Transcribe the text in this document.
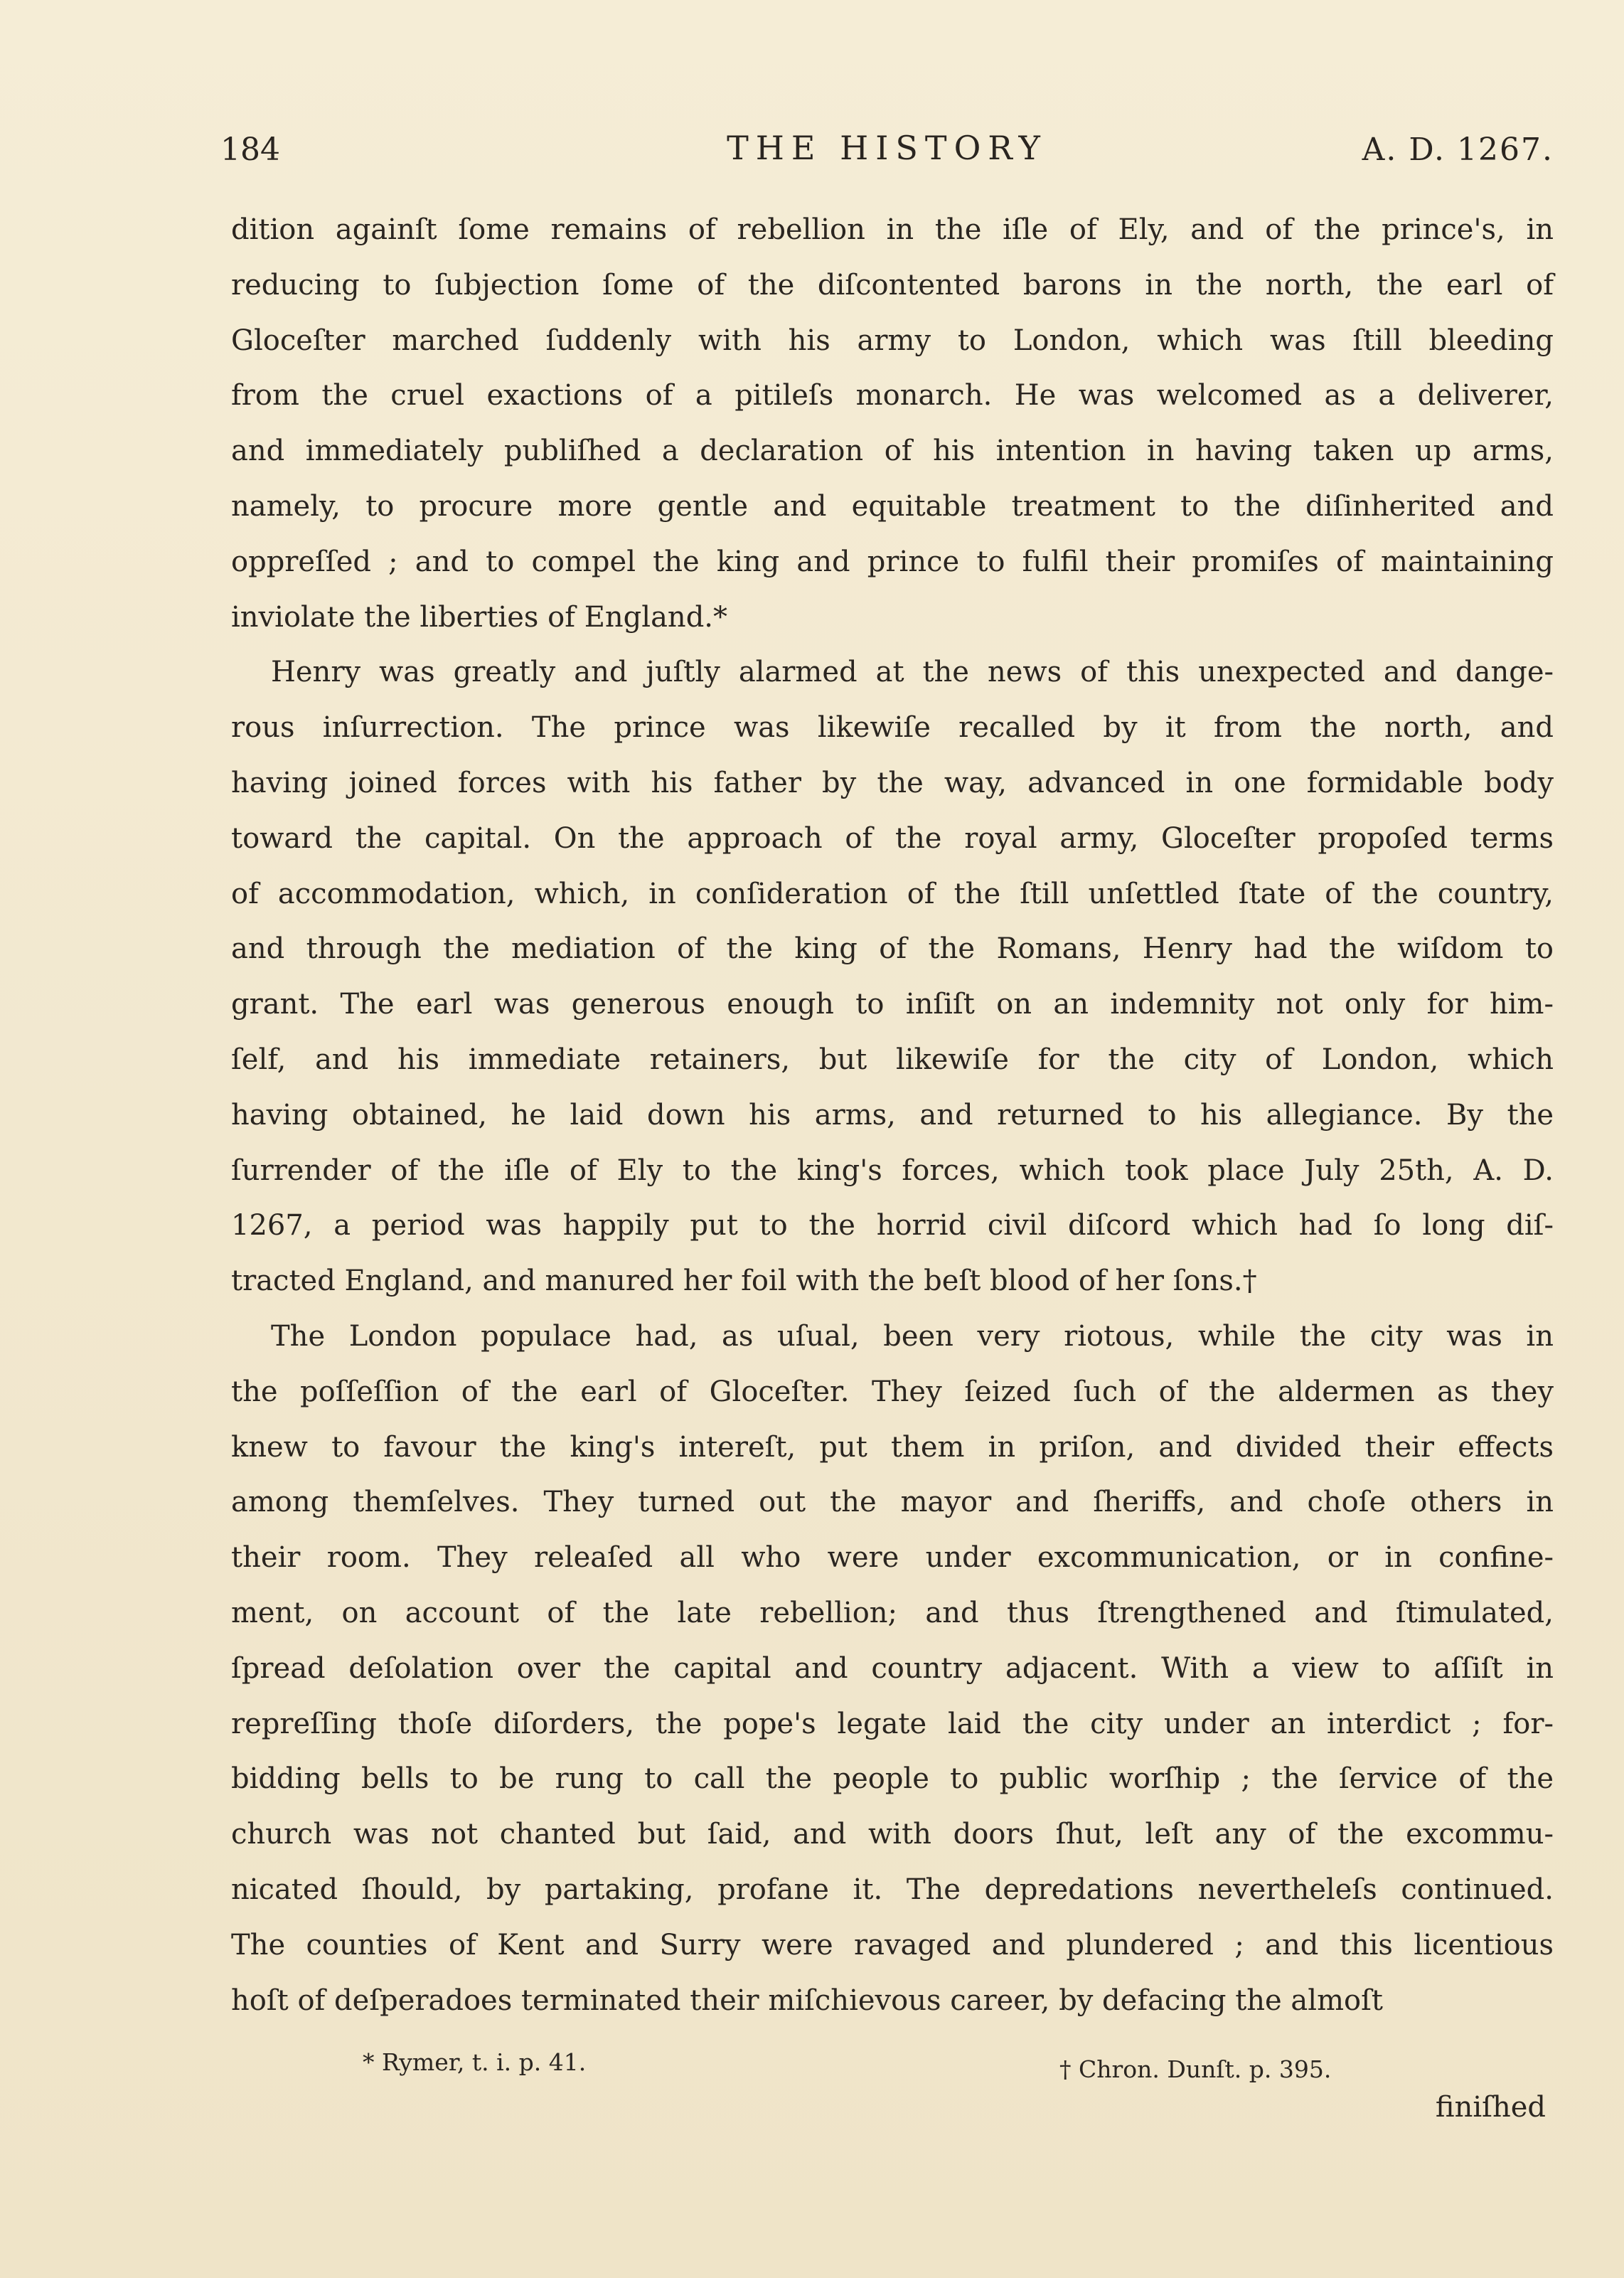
184	THE HISTORY	A. D. 1267.
dition againſt ſome remains of rebellion in the iſle of Ely, and of the prince's, in
reducing to ſubjection ſome of the diſcontented barons in the north, the earl of
Gloceſter marched ſuddenly with his army to London, which was ſtill bleeding
from the cruel exactions of a pitileſs monarch. He was welcomed as a deliverer,
and immediately publiſhed a declaration of his intention in having taken up arms,
namely, to procure more gentle and equitable treatment to the diſinherited and
oppreſſed ; and to compel the king and prince to fulfil their promiſes of maintaining
inviolate the liberties of England.*
Henry was greatly and juſtly alarmed at the news of this unexpected and dange-
rous inſurrection. The prince was likewiſe recalled by it from the north, and
having joined forces with his father by the way, advanced in one formidable body
toward the capital. On the approach of the royal army, Gloceſter propoſed terms
of accommodation, which, in conſideration of the ſtill unſettled ſtate of the country,
and through the mediation of the king of the Romans, Henry had the wiſdom to
grant. The earl was generous enough to inſiſt on an indemnity not only for him-
ſelf, and his immediate retainers, but likewiſe for the city of London, which
having obtained, he laid down his arms, and returned to his allegiance. By the
ſurrender of the iſle of Ely to the king's forces, which took place July 25th, A. D.
1267, a period was happily put to the horrid civil diſcord which had ſo long diſ-
tracted England, and manured her foil with the beſt blood of her ſons.†
The London populace had, as uſual, been very riotous, while the city was in
the poſſeſſion of the earl of Gloceſter. They ſeized ſuch of the aldermen as they
knew to favour the king's intereſt, put them in priſon, and divided their effects
among themſelves. They turned out the mayor and ſheriffs, and choſe others in
their room. They releaſed all who were under excommunication, or in confine-
ment, on account of the late rebellion; and thus ſtrengthened and ſtimulated,
ſpread deſolation over the capital and country adjacent. With a view to aſſiſt in
repreſſing thoſe diſorders, the pope's legate laid the city under an interdict ; for-
bidding bells to be rung to call the people to public worſhip ; the ſervice of the
church was not chanted but ſaid, and with doors ſhut, leſt any of the excommu-
nicated ſhould, by partaking, profane it. The depredations nevertheleſs continued.
The counties of Kent and Surry were ravaged and plundered ; and this licentious
hoſt of deſperadoes terminated their miſchievous career, by defacing the almoſt
* Rymer, t. i. p. 41.	† Chron. Dunſt. p. 395.
finiſhed
